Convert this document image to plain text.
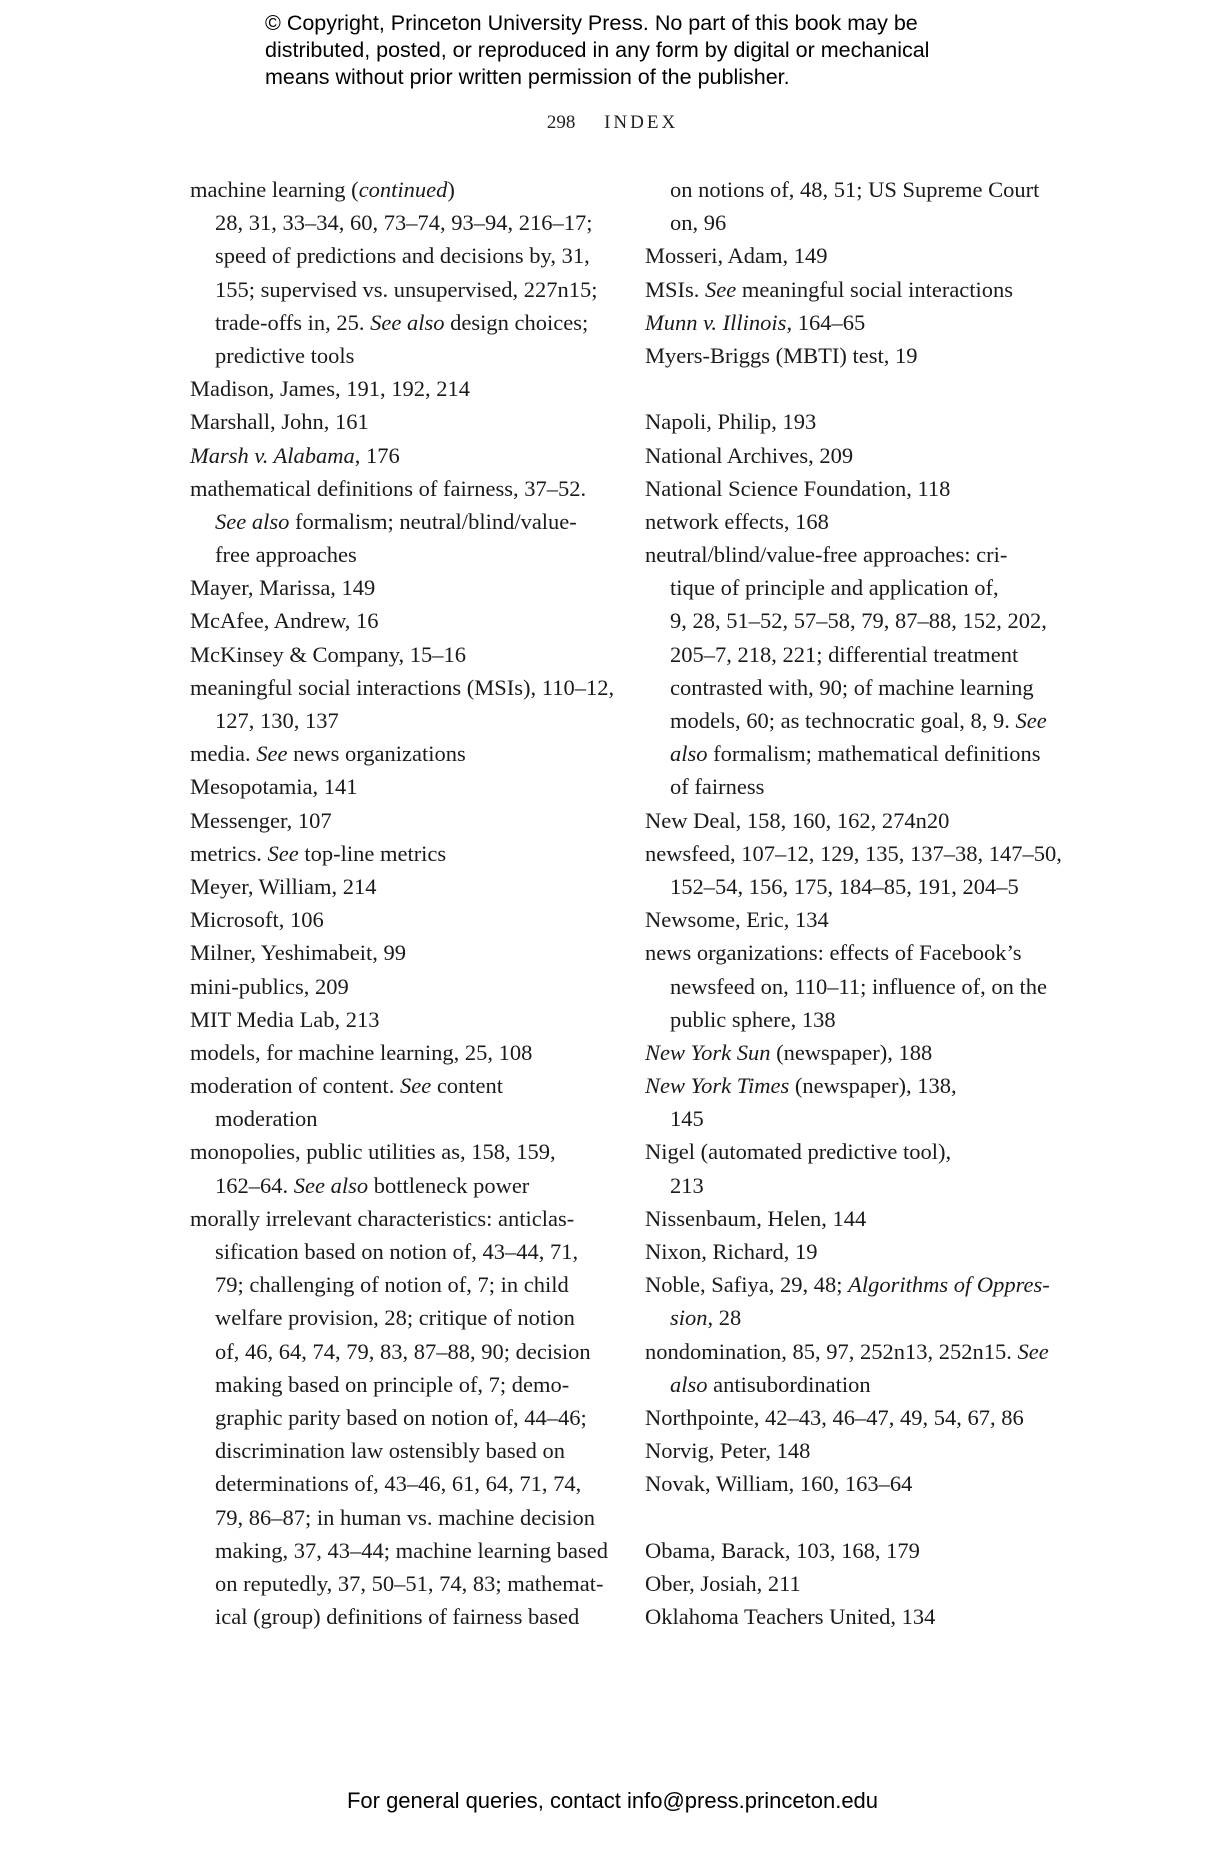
© Copyright, Princeton University Press. No part of this book may be
distributed, posted, or reproduced in any form by digital or mechanical
means without prior written permission of the publisher.
298 INDEX
machine learning (continued)
28, 31, 33–34, 60, 73–74, 93–94, 216–17;
speed of predictions and decisions by, 31,
155; supervised vs. unsupervised, 227n15;
trade-offs in, 25. See also design choices;
predictive tools
Madison, James, 191, 192, 214
Marshall, John, 161
Marsh v. Alabama, 176
mathematical definitions of fairness, 37–52.
See also formalism; neutral/blind/value-
free approaches
Mayer, Marissa, 149
McAfee, Andrew, 16
McKinsey & Company, 15–16
meaningful social interactions (MSIs), 110–12,
127, 130, 137
media. See news organizations
Mesopotamia, 141
Messenger, 107
metrics. See top-line metrics
Meyer, William, 214
Microsoft, 106
Milner, Yeshimabeit, 99
mini-publics, 209
MIT Media Lab, 213
models, for machine learning, 25, 108
moderation of content. See content
moderation
monopolies, public utilities as, 158, 159,
162–64. See also bottleneck power
morally irrelevant characteristics: anticlas-
sification based on notion of, 43–44, 71,
79; challenging of notion of, 7; in child
welfare provision, 28; critique of notion
of, 46, 64, 74, 79, 83, 87–88, 90; decision
making based on principle of, 7; demo-
graphic parity based on notion of, 44–46;
discrimination law ostensibly based on
determinations of, 43–46, 61, 64, 71, 74,
79, 86–87; in human vs. machine decision
making, 37, 43–44; machine learning based
on reputedly, 37, 50–51, 74, 83; mathemat-
ical (group) definitions of fairness based
on notions of, 48, 51; US Supreme Court
on, 96
Mosseri, Adam, 149
MSIs. See meaningful social interactions
Munn v. Illinois, 164–65
Myers-Briggs (MBTI) test, 19
Napoli, Philip, 193
National Archives, 209
National Science Foundation, 118
network effects, 168
neutral/blind/value-free approaches: cri-
tique of principle and application of,
9, 28, 51–52, 57–58, 79, 87–88, 152, 202,
205–7, 218, 221; differential treatment
contrasted with, 90; of machine learning
models, 60; as technocratic goal, 8, 9. See
also formalism; mathematical definitions
of fairness
New Deal, 158, 160, 162, 274n20
newsfeed, 107–12, 129, 135, 137–38, 147–50,
152–54, 156, 175, 184–85, 191, 204–5
Newsome, Eric, 134
news organizations: effects of Facebook’s
newsfeed on, 110–11; influence of, on the
public sphere, 138
New York Sun (newspaper), 188
New York Times (newspaper), 138,
145
Nigel (automated predictive tool),
213
Nissenbaum, Helen, 144
Nixon, Richard, 19
Noble, Safiya, 29, 48; Algorithms of Oppres-
sion, 28
nondomination, 85, 97, 252n13, 252n15. See
also antisubordination
Northpointe, 42–43, 46–47, 49, 54, 67, 86
Norvig, Peter, 148
Novak, William, 160, 163–64
Obama, Barack, 103, 168, 179
Ober, Josiah, 211
Oklahoma Teachers United, 134
For general queries, contact info@press.princeton.edu
